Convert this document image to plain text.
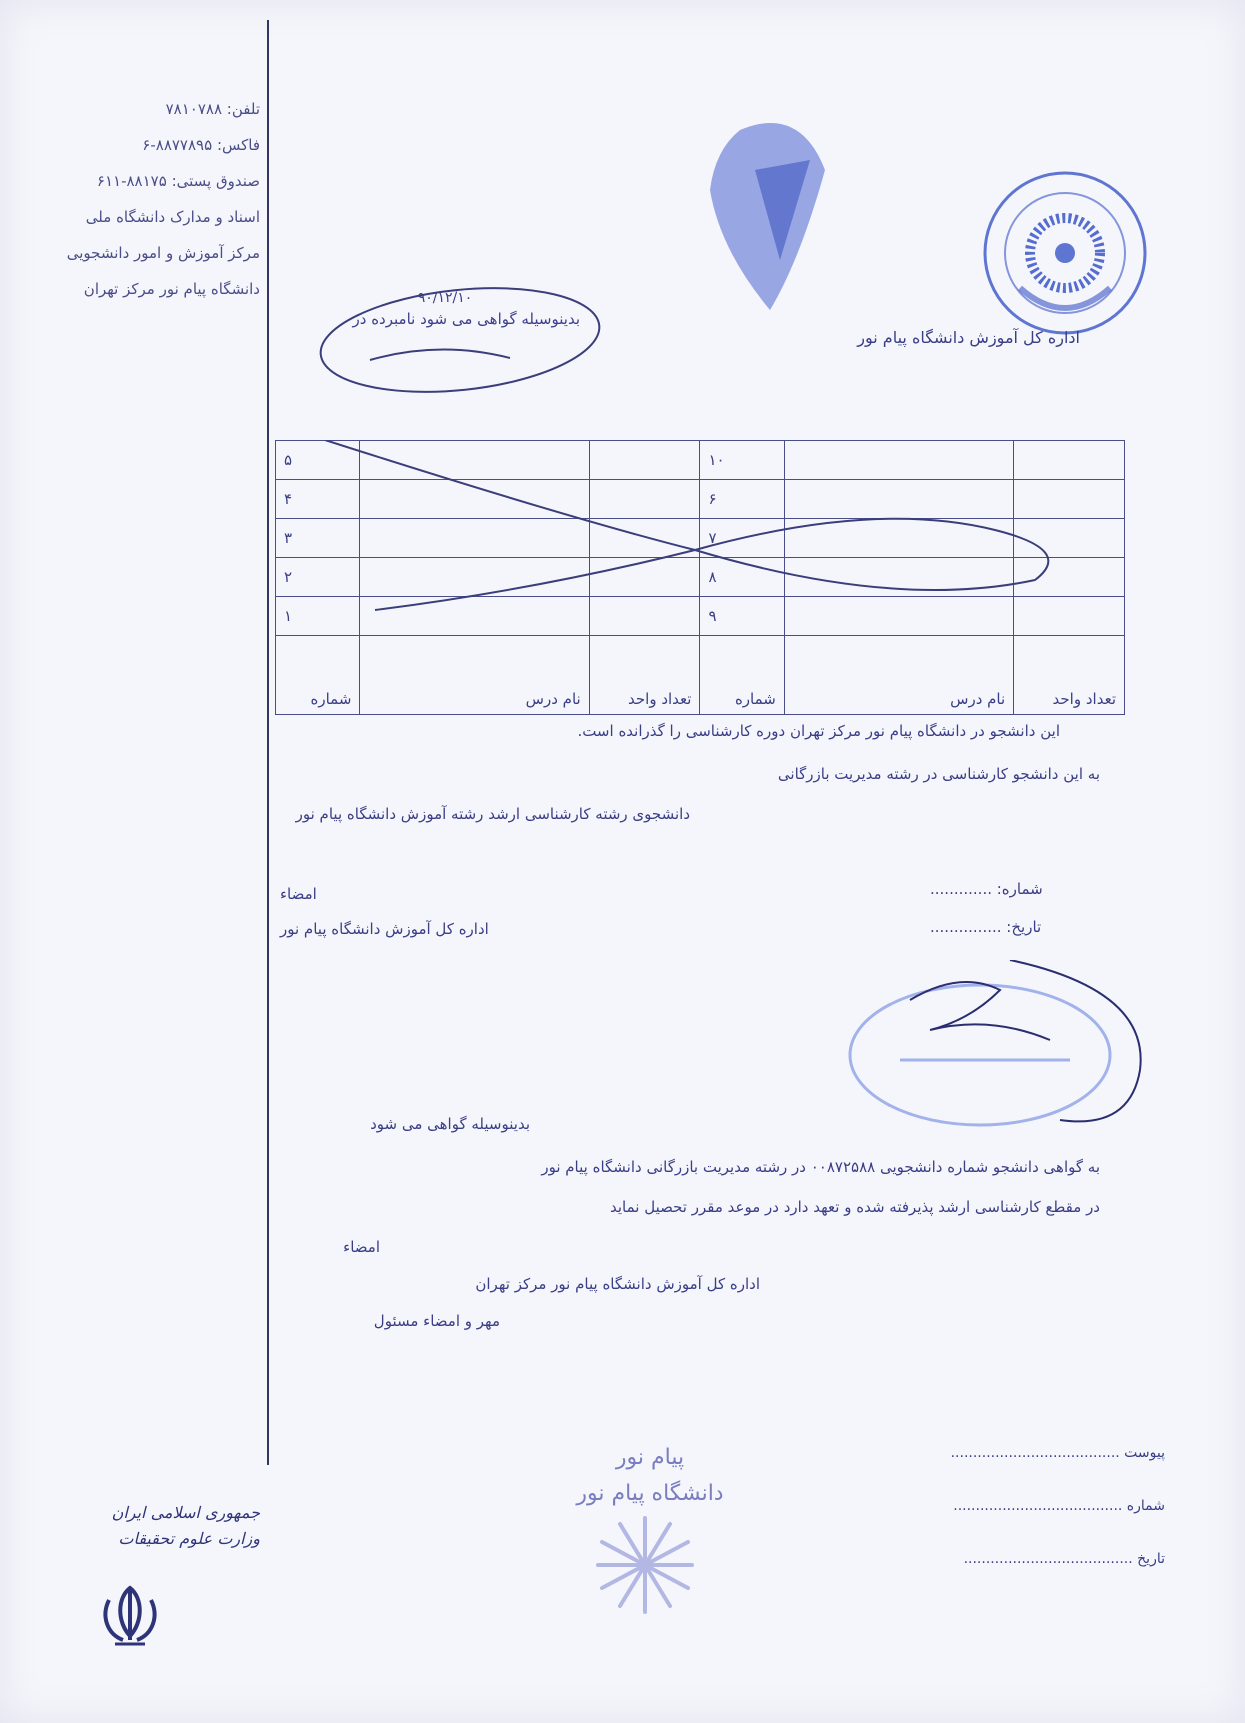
تلفن: ۷۸۱۰۷۸۸
فاکس: ۸۸۷۷۸۹۵-۶
صندوق پستی: ۸۸۱۷۵-۶۱۱
اسناد و مدارک دانشگاه ملی
مرکز آموزش و امور دانشجویی
دانشگاه پیام نور مرکز تهران
جمهوری اسلامی ایران
وزارت علوم تحقیقات
اداره کل آموزش دانشگاه پیام نور
۹۰/۱۲/۱۰
بدینوسیله گواهی می شود نامبرده در
۵			۱۰		
۴			۶		
۳			۷		
۲			۸		
۱			۹		
شماره	نام درس	تعداد واحد	شماره	نام درس	تعداد واحد
این دانشجو در دانشگاه پیام نور مرکز تهران دوره کارشناسی را گذرانده است.
به این دانشجو کارشناسی در رشته مدیریت بازرگانی
دانشجوی رشته کارشناسی ارشد رشته آموزش دانشگاه پیام نور
امضاء
اداره کل آموزش دانشگاه پیام نور
شماره: .............
تاریخ: ...............
بدینوسیله گواهی می شود
به گواهی دانشجو شماره دانشجویی ۰۰۸۷۲۵۸۸ در رشته مدیریت بازرگانی دانشگاه پیام نور
در مقطع کارشناسی ارشد پذیرفته شده و تعهد دارد در موعد مقرر تحصیل نماید
امضاء
اداره کل آموزش دانشگاه پیام نور مرکز تهران
مهر و امضاء مسئول
پیام نور
دانشگاه پیام نور
پیوست ......................................
شماره ......................................
تاریخ ......................................
